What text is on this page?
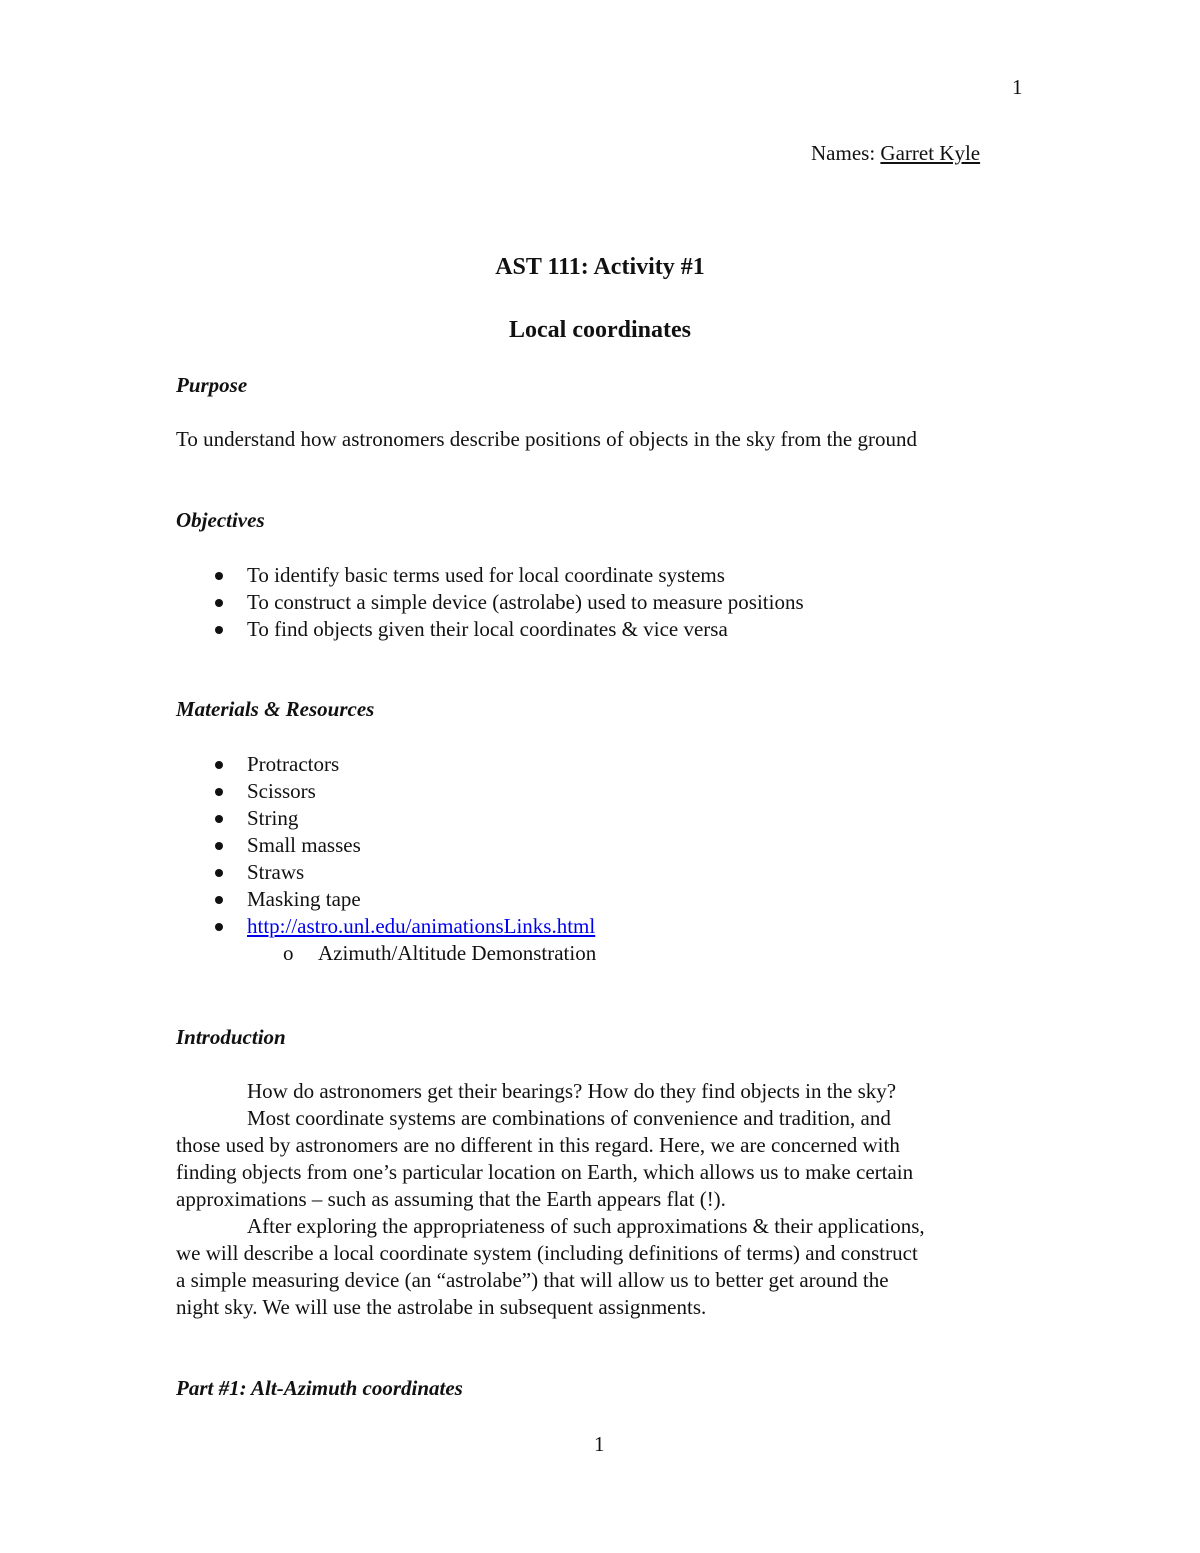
1
Names: Garret Kyle
AST 111: Activity #1
Local coordinates
Purpose
To understand how astronomers describe positions of objects in the sky from the ground
Objectives
To identify basic terms used for local coordinate systems
To construct a simple device (astrolabe) used to measure positions
To find objects given their local coordinates & vice versa
Materials & Resources
Protractors
Scissors
String
Small masses
Straws
Masking tape
http://astro.unl.edu/animationsLinks.html
o Azimuth/Altitude Demonstration
Introduction

How do astronomers get their bearings? How do they find objects in the sky?

Most coordinate systems are combinations of convenience and tradition, and

those used by astronomers are no different in this regard. Here, we are concerned with

finding objects from one’s particular location on Earth, which allows us to make certain

approximations – such as assuming that the Earth appears flat (!).

After exploring the appropriateness of such approximations & their applications,

we will describe a local coordinate system (including definitions of terms) and construct

a simple measuring device (an “astrolabe”) that will allow us to better get around the

night sky. We will use the astrolabe in subsequent assignments.

Part #1: Alt-Azimuth coordinates
1
